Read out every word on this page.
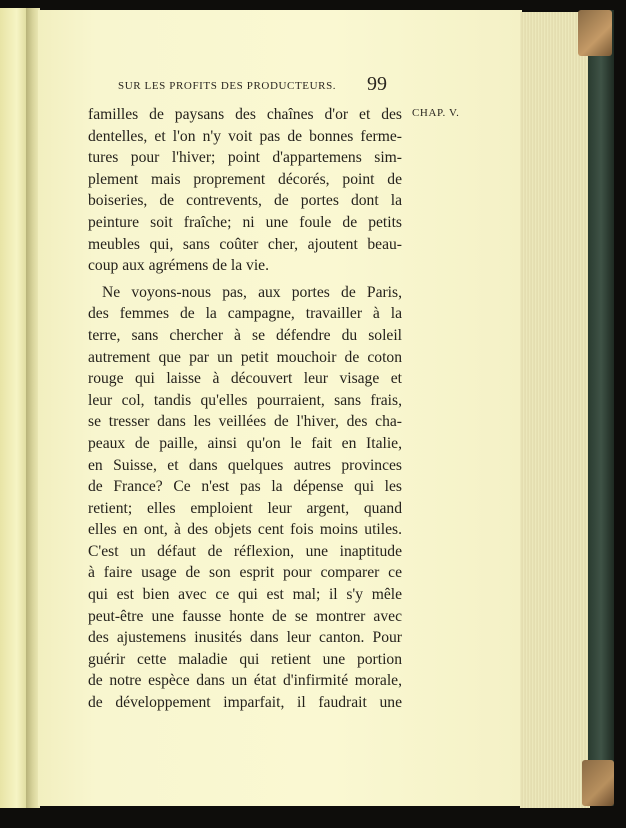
SUR LES PROFITS DES PRODUCTEURS. 99
CHAP. V.
familles de paysans des chaînes d'or et des
dentelles, et l'on n'y voit pas de bonnes ferme-
tures pour l'hiver; point d'appartemens sim-
plement mais proprement décorés, point de
boiseries, de contrevents, de portes dont la
peinture soit fraîche; ni une foule de petits
meubles qui, sans coûter cher, ajoutent beau-
coup aux agrémens de la vie.
Ne voyons-nous pas, aux portes de Paris,
des femmes de la campagne, travailler à la
terre, sans chercher à se défendre du soleil
autrement que par un petit mouchoir de coton
rouge qui laisse à découvert leur visage et
leur col, tandis qu'elles pourraient, sans frais,
se tresser dans les veillées de l'hiver, des cha-
peaux de paille, ainsi qu'on le fait en Italie,
en Suisse, et dans quelques autres provinces
de France? Ce n'est pas la dépense qui les
retient; elles emploient leur argent, quand
elles en ont, à des objets cent fois moins utiles.
C'est un défaut de réflexion, une inaptitude
à faire usage de son esprit pour comparer ce
qui est bien avec ce qui est mal; il s'y mêle
peut-être une fausse honte de se montrer avec
des ajustemens inusités dans leur canton. Pour
guérir cette maladie qui retient une portion
de notre espèce dans un état d'infirmité morale,
de développement imparfait, il faudrait une
